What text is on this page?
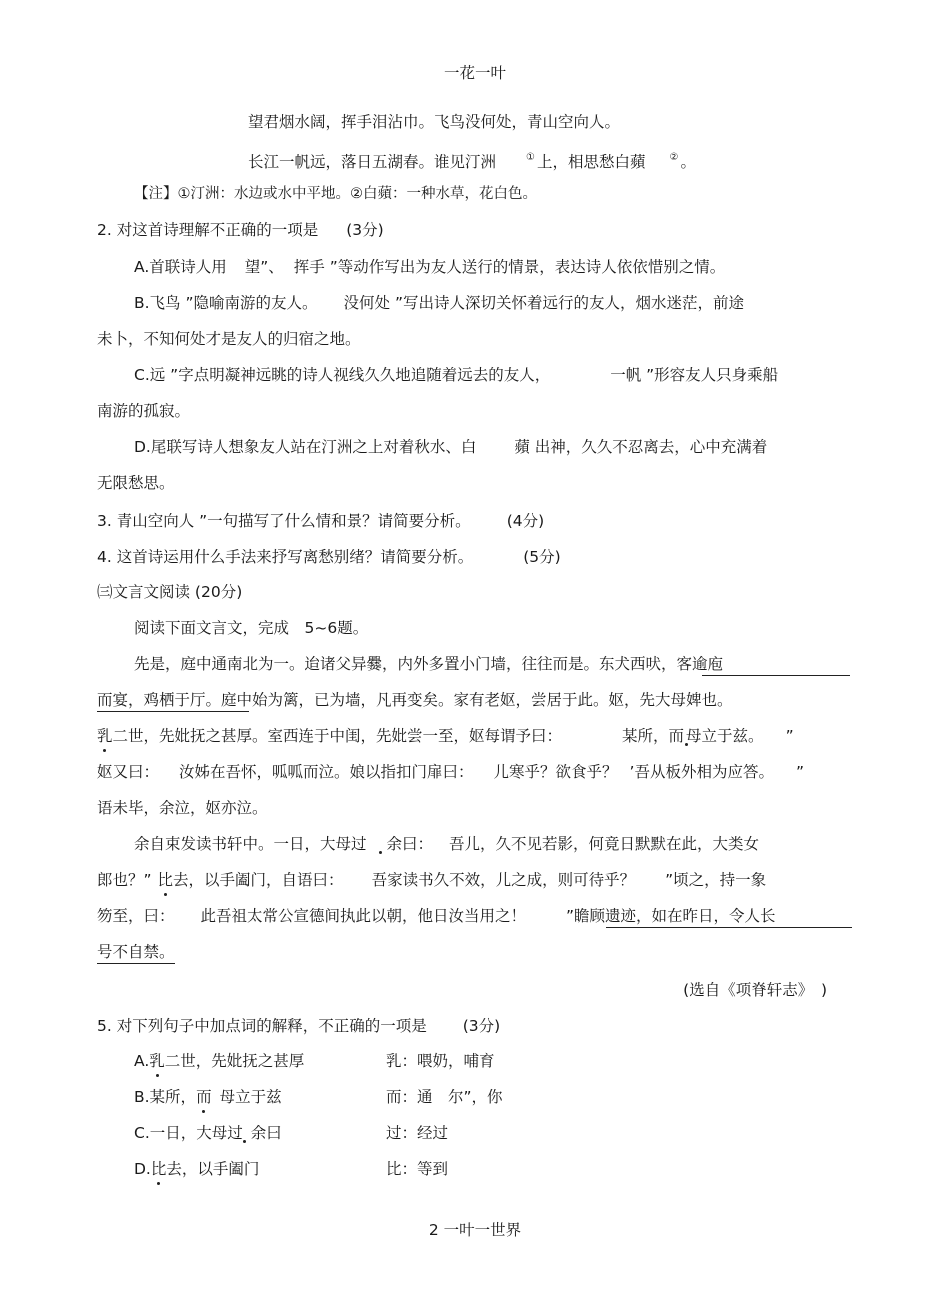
一花一叶
望君烟水阔，挥手泪沾巾。飞鸟没何处，青山空向人。
长江一帆远，落日五湖春。谁见汀洲	① 上，相思愁白蘋 ② 。
【注】①汀洲：水边或水中平地。②白蘋：一种水草，花白色。
2. 对这首诗理解不正确的一项是 (3分)
A.首联诗人用 望”、 挥手 ”等动作写出为友人送行的情景，表达诗人依依惜别之情。
B.飞鸟 ”隐喻南游的友人。 没何处 ”写出诗人深切关怀着远行的友人，烟水迷茫，前途
未卜，不知何处才是友人的归宿之地。
C.远 ”字点明凝神远眺的诗人视线久久地追随着远去的友人，	一帆 ”形容友人只身乘船
南游的孤寂。
D.尾联写诗人想象友人站在汀洲之上对着秋水、白 蘋 出神，久久不忍离去，心中充满着
无限愁思。
3. 青山空向人 ”一句描写了什么情和景？请简要分析。 (4分)
4. 这首诗运用什么手法来抒写离愁别绪？请简要分析。	(5分)
㈢文言文阅读 (20分)
阅读下面文言文，完成　5~6题。
先是，庭中通南北为一。迨诸父异爨，内外多置小门墙，往往而是。东犬西吠，客逾庖
而宴，鸡栖于厅。庭中始为篱，已为墙，凡再变矣。家有老妪，尝居于此。妪，先大母婢也。
乳二世，先妣抚之甚厚。室西连于中闺，先妣尝一至，妪每谓予曰：	某所，而 母立于兹。 ”
妪又曰： 汝姊在吾怀，呱呱而泣。娘以指扣门扉曰： 儿寒乎？欲食乎？ ’吾从板外相为应答。 ”
语未毕，余泣，妪亦泣。
余自束发读书轩中。一日，大母过 余曰： 吾儿，久不见若影，何竟日默默在此，大类女
郎也？” 比去，以手阖门，自语曰： 吾家读书久不效，儿之成，则可待乎？ ”顷之，持一象
笏至，曰： 此吾祖太常公宣德间执此以朝，他日汝当用之！	”瞻顾遗迹，如在昨日，令人长
号不自禁。
(选自《项脊轩志》　)
5. 对下列句子中加点词的解释，不正确的一项是 (3分)
A.乳二世，先妣抚之甚厚	乳：喂奶，哺育
B.某所，而 母立于兹	而：通　尔”，你
C.一日，大母过 余曰	过：经过
D.比去，以手阖门	比：等到
2 一叶一世界
